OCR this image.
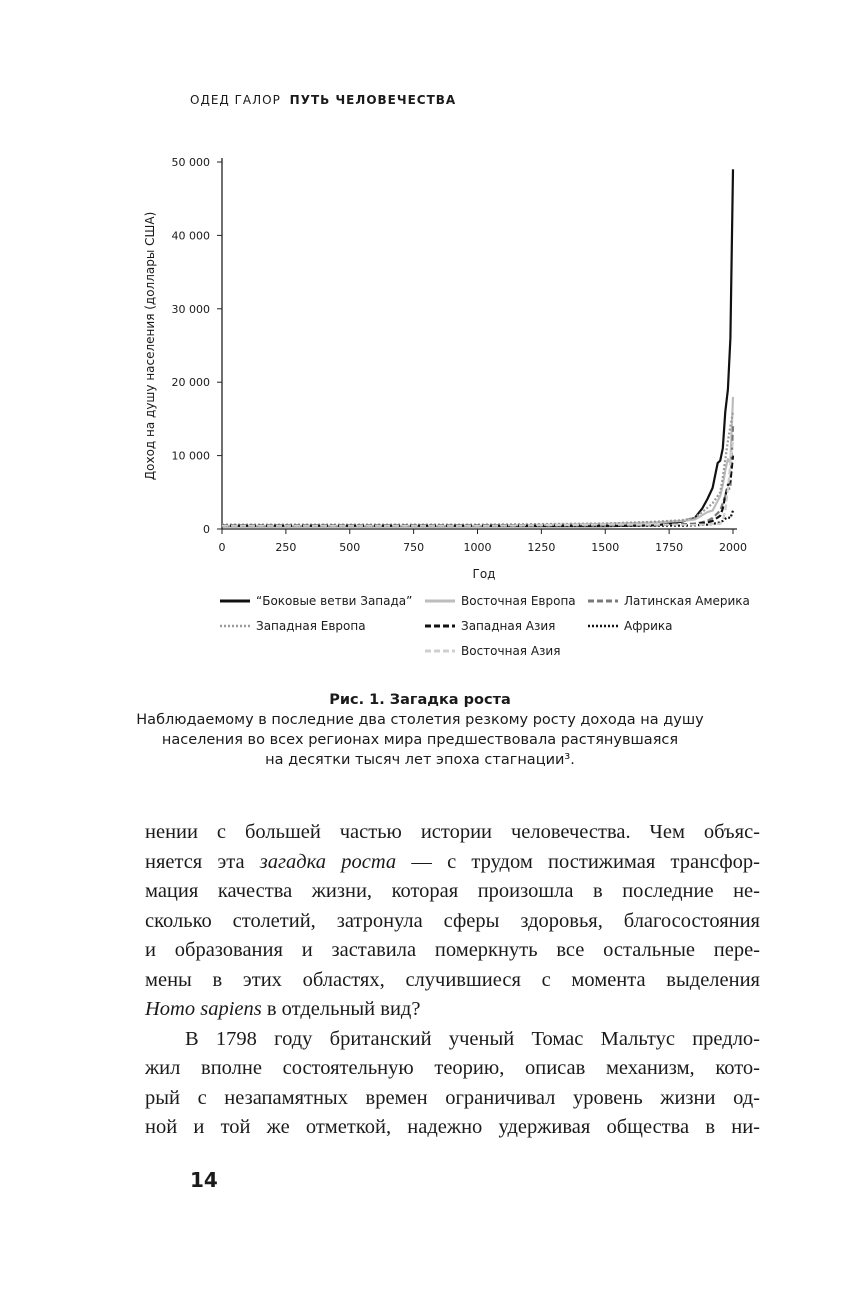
ОДЕД ГАЛОР ПУТЬ ЧЕЛОВЕЧЕСТВА
0
10 000
20 000
30 000
40 000
50 000
0	250	500	750	1000	1250	1500	1750	2000
Год
Доход на душу населения (доллары США)
“Боковые ветви Запада”	Восточная Европа	Латинская Америка
Западная Европа	Западная Азия	Африка
Восточная Азия
Рис. 1. Загадка роста
Наблюдаемому в последние два столетия резкому росту дохода на душу
населения во всех регионах мира предшествовала растянувшаяся
на десятки тысяч лет эпоха стагнации³.
нении с большей частью истории человечества. Чем объяс-
няется эта загадка роста — с трудом постижимая трансфор-
мация качества жизни, которая произошла в последние не-
сколько столетий, затронула сферы здоровья, благосостояния
и образования и заставила померкнуть все остальные пере-
мены в этих областях, случившиеся с момента выделения
Homo sapiens в отдельный вид?
В 1798 году британский ученый Томас Мальтус предло-
жил вполне состоятельную теорию, описав механизм, кото-
рый с незапамятных времен ограничивал уровень жизни од-
ной и той же отметкой, надежно удерживая общества в ни-
14
